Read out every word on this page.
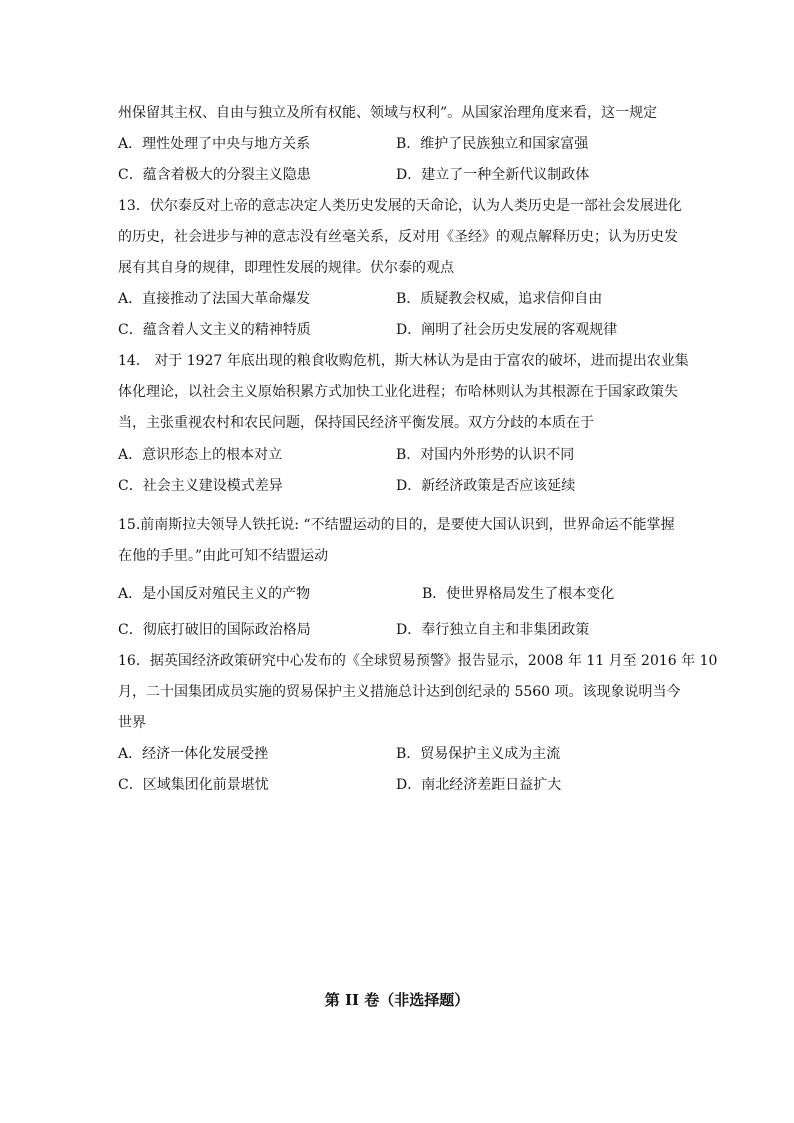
州保留其主权、自由与独立及所有权能、领域与权利”。从国家治理角度来看，这一规定
A．理性处理了中央与地方关系	B．维护了民族独立和国家富强
C．蕴含着极大的分裂主义隐患	D．建立了一种全新代议制政体
13．伏尔泰反对上帝的意志决定人类历史发展的天命论，认为人类历史是一部社会发展进化
的历史，社会进步与神的意志没有丝毫关系，反对用《圣经》的观点解释历史；认为历史发
展有其自身的规律，即理性发展的规律。伏尔泰的观点
A．直接推动了法国大革命爆发	B．质疑教会权威，追求信仰自由
C．蕴含着人文主义的精神特质	D．阐明了社会历史发展的客观规律
14． 对于 1927 年底出现的粮食收购危机，斯大林认为是由于富农的破坏，进而提出农业集
体化理论，以社会主义原始积累方式加快工业化进程；布哈林则认为其根源在于国家政策失
当，主张重视农村和农民问题，保持国民经济平衡发展。双方分歧的本质在于
A．意识形态上的根本对立	B．对国内外形势的认识不同
C．社会主义建设模式差异	D．新经济政策是否应该延续
15.前南斯拉夫领导人铁托说: “不结盟运动的目的，是要使大国认识到，世界命运不能掌握
在他的手里。”由此可知不结盟运动
A．是小国反对殖民主义的产物	B．使世界格局发生了根本变化
C．彻底打破旧的国际政治格局	D．奉行独立自主和非集团政策
16．据英国经济政策研究中心发布的《全球贸易预警》报告显示，2008 年 11 月至 2016 年 10
月，二十国集团成员实施的贸易保护主义措施总计达到创纪录的 5560 项。该现象说明当今
世界
A．经济一体化发展受挫	B．贸易保护主义成为主流
C．区域集团化前景堪忧	D．南北经济差距日益扩大
第 II 卷（非选择题）
